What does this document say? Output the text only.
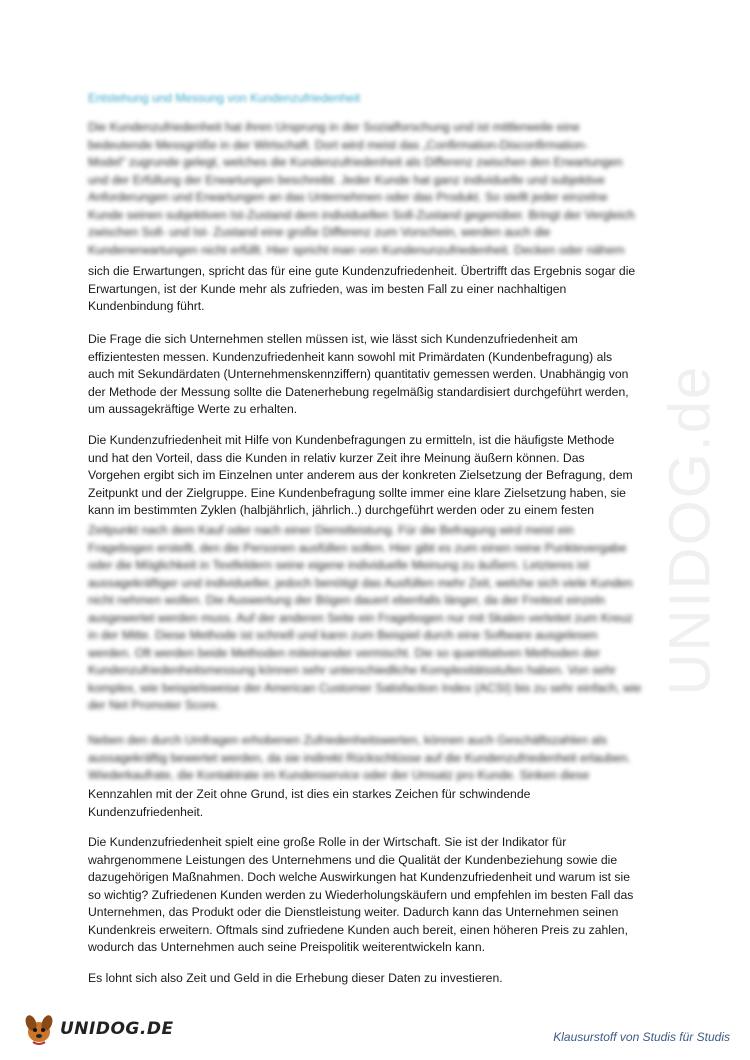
UNIDOG.de
Entstehung und Messung von Kundenzufriedenheit
Die Kundenzufriedenheit hat ihren Ursprung in der Sozialforschung und ist mittlerweile eine
bedeutende Messgröße in der Wirtschaft. Dort wird meist das „Confirmation-Disconfirmation-
Model" zugrunde gelegt, welches die Kundenzufriedenheit als Differenz zwischen den Erwartungen
und der Erfüllung der Erwartungen beschreibt. Jeder Kunde hat ganz individuelle und subjektive
Anforderungen und Erwartungen an das Unternehmen oder das Produkt. So stellt jeder einzelne
Kunde seinen subjektiven Ist-Zustand dem individuellen Soll-Zustand gegenüber. Bringt der Vergleich
zwischen Soll- und Ist- Zustand eine große Differenz zum Vorschein, werden auch die
Kundenerwartungen nicht erfüllt. Hier spricht man von Kundenunzufriedenheit. Decken oder nähern
sich die Erwartungen, spricht das für eine gute Kundenzufriedenheit. Übertrifft das Ergebnis sogar die
Erwartungen, ist der Kunde mehr als zufrieden, was im besten Fall zu einer nachhaltigen
Kundenbindung führt.
Die Frage die sich Unternehmen stellen müssen ist, wie lässt sich Kundenzufriedenheit am
effizientesten messen. Kundenzufriedenheit kann sowohl mit Primärdaten (Kundenbefragung) als
auch mit Sekundärdaten (Unternehmenskennziffern) quantitativ gemessen werden. Unabhängig von
der Methode der Messung sollte die Datenerhebung regelmäßig standardisiert durchgeführt werden,
um aussagekräftige Werte zu erhalten.
Die Kundenzufriedenheit mit Hilfe von Kundenbefragungen zu ermitteln, ist die häufigste Methode
und hat den Vorteil, dass die Kunden in relativ kurzer Zeit ihre Meinung äußern können. Das
Vorgehen ergibt sich im Einzelnen unter anderem aus der konkreten Zielsetzung der Befragung, dem
Zeitpunkt und der Zielgruppe. Eine Kundenbefragung sollte immer eine klare Zielsetzung haben, sie
kann im bestimmten Zyklen (halbjährlich, jährlich..) durchgeführt werden oder zu einem festen
Zeitpunkt nach dem Kauf oder nach einer Dienstleistung. Für die Befragung wird meist ein
Fragebogen erstellt, den die Personen ausfüllen sollen. Hier gibt es zum einen reine Punktevergabe
oder die Möglichkeit in Textfeldern seine eigene individuelle Meinung zu äußern. Letzteres ist
aussagekräftiger und individueller, jedoch benötigt das Ausfüllen mehr Zeit, welche sich viele Kunden
nicht nehmen wollen. Die Auswertung der Bögen dauert ebenfalls länger, da der Freitext einzeln
ausgewertet werden muss. Auf der anderen Seite ein Fragebogen nur mit Skalen verleitet zum Kreuz
in der Mitte. Diese Methode ist schnell und kann zum Beispiel durch eine Software ausgelesen
werden. Oft werden beide Methoden miteinander vermischt. Die so quantitativen Methoden der
Kundenzufriedenheitsmessung können sehr unterschiedliche Komplexitätsstufen haben. Von sehr
komplex, wie beispielsweise der American Customer Satisfaction Index (ACSI) bis zu sehr einfach, wie
der Net Promoter Score.
Neben den durch Umfragen erhobenen Zufriedenheitswerten, können auch Geschäftszahlen als
aussagekräftig bewertet werden, da sie indirekt Rückschlüsse auf die Kundenzufriedenheit erlauben.
Wiederkaufrate, die Kontaktrate im Kundenservice oder der Umsatz pro Kunde. Sinken diese
Kennzahlen mit der Zeit ohne Grund, ist dies ein starkes Zeichen für schwindende
Kundenzufriedenheit.
Die Kundenzufriedenheit spielt eine große Rolle in der Wirtschaft. Sie ist der Indikator für
wahrgenommene Leistungen des Unternehmens und die Qualität der Kundenbeziehung sowie die
dazugehörigen Maßnahmen. Doch welche Auswirkungen hat Kundenzufriedenheit und warum ist sie
so wichtig? Zufriedenen Kunden werden zu Wiederholungskäufern und empfehlen im besten Fall das
Unternehmen, das Produkt oder die Dienstleistung weiter. Dadurch kann das Unternehmen seinen
Kundenkreis erweitern. Oftmals sind zufriedene Kunden auch bereit, einen höheren Preis zu zahlen,
wodurch das Unternehmen auch seine Preispolitik weiterentwickeln kann.
Es lohnt sich also Zeit und Geld in die Erhebung dieser Daten zu investieren.
UNIDOG.DE	Klausurstoff von Studis für Studis
